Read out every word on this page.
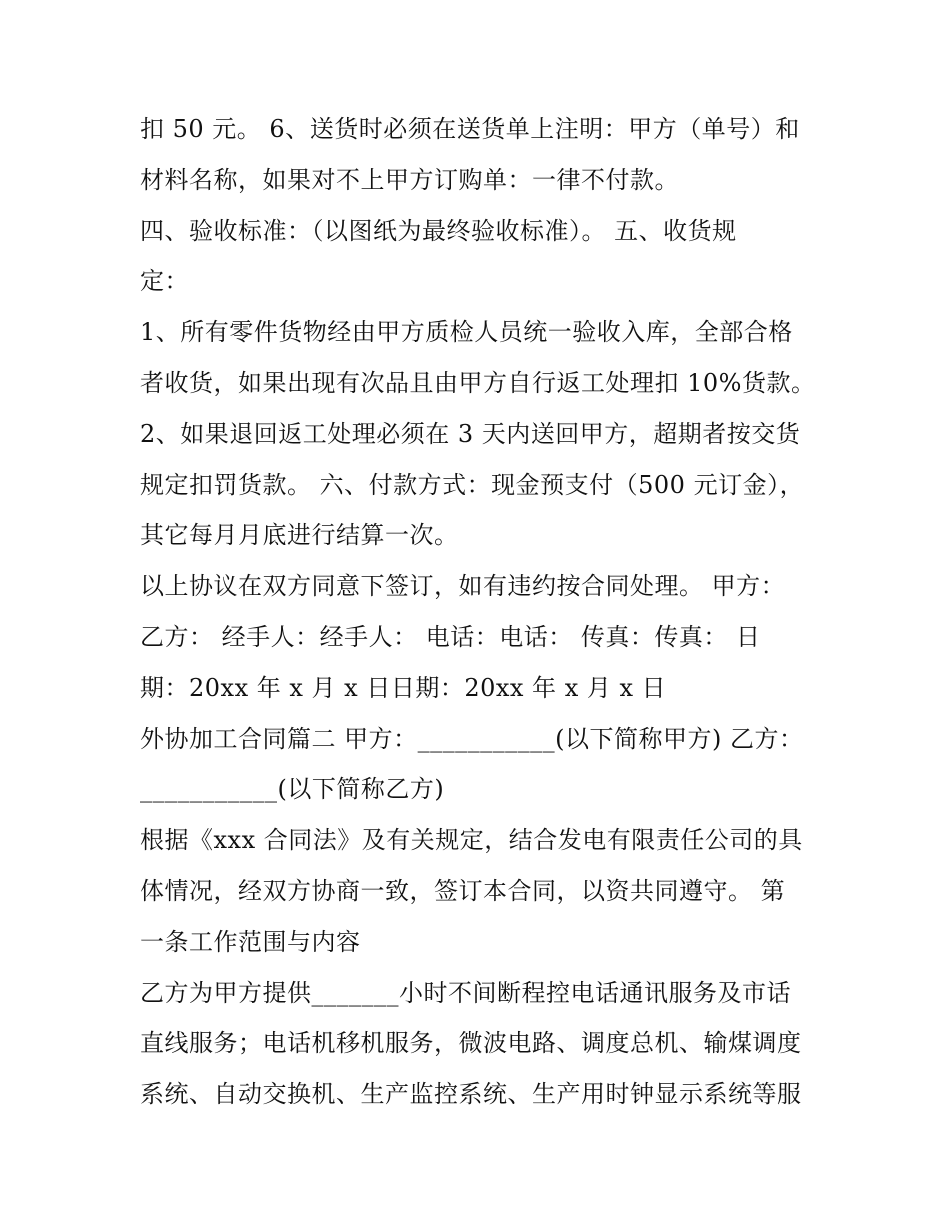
扣 50 元。 6、送货时必须在送货单上注明：甲方（单号）和
材料名称，如果对不上甲方订购单：一律不付款。
四、验收标准：（以图纸为最终验收标准）。 五、收货规
定：
1、所有零件货物经由甲方质检人员统一验收入库，全部合格
者收货，如果出现有次品且由甲方自行返工处理扣 10%货款。
2、如果退回返工处理必须在 3 天内送回甲方，超期者按交货
规定扣罚货款。 六、付款方式：现金预支付（500 元订金），
其它每月月底进行结算一次。
以上协议在双方同意下签订，如有违约按合同处理。 甲方：
乙方： 经手人：经手人： 电话：电话： 传真：传真： 日
期：20xx 年 x 月 x 日日期：20xx 年 x 月 x 日
外协加工合同篇二 甲方：___________(以下简称甲方) 乙方：
___________(以下简称乙方)
根据《xxx 合同法》及有关规定，结合发电有限责任公司的具
体情况，经双方协商一致，签订本合同，以资共同遵守。 第
一条工作范围与内容
乙方为甲方提供_______小时不间断程控电话通讯服务及市话
直线服务；电话机移机服务，微波电路、调度总机、输煤调度
系统、自动交换机、生产监控系统、生产用时钟显示系统等服
